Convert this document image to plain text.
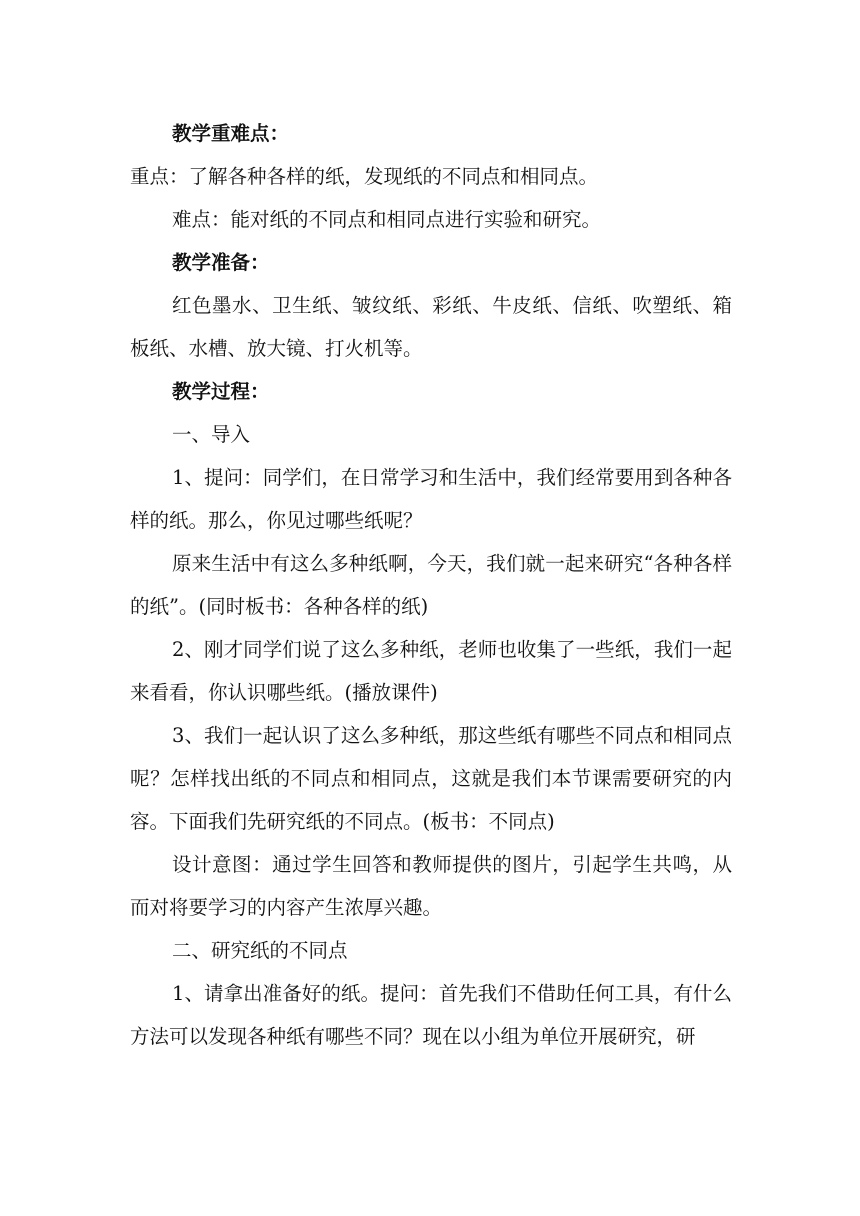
教学重难点：

重点：了解各种各样的纸，发现纸的不同点和相同点。

难点：能对纸的不同点和相同点进行实验和研究。

教学准备：

红色墨水、卫生纸、皱纹纸、彩纸、牛皮纸、信纸、吹塑纸、箱板纸、水槽、放大镜、打火机等。

教学过程：

一、导入

1、提问：同学们，在日常学习和生活中，我们经常要用到各种各样的纸。那么，你见过哪些纸呢？

原来生活中有这么多种纸啊，今天，我们就一起来研究“各种各样的纸”。(同时板书：各种各样的纸)

2、刚才同学们说了这么多种纸，老师也收集了一些纸，我们一起来看看，你认识哪些纸。(播放课件)

3、我们一起认识了这么多种纸，那这些纸有哪些不同点和相同点呢？怎样找出纸的不同点和相同点，这就是我们本节课需要研究的内容。下面我们先研究纸的不同点。(板书：不同点)

设计意图：通过学生回答和教师提供的图片，引起学生共鸣，从而对将要学习的内容产生浓厚兴趣。

二、研究纸的不同点

1、请拿出准备好的纸。提问：首先我们不借助任何工具，有什么方法可以发现各种纸有哪些不同？现在以小组为单位开展研究，研
